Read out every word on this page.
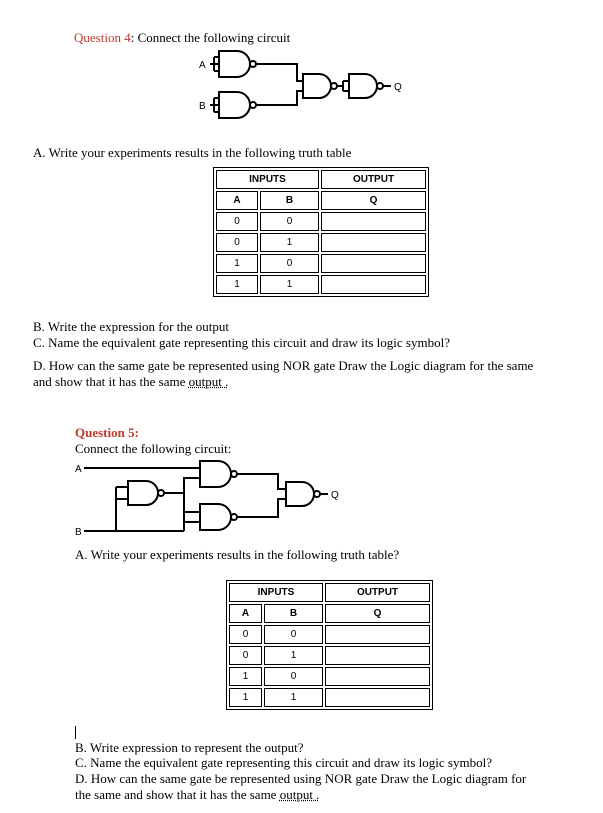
Question 4: Connect the following circuit
A
B
Q
A. Write your experiments results in the following truth table
INPUTS		OUTPUT
A	B	Q
0	0	
0	1	
1	0	
1	1	
B. Write the expression for the output
C. Name the equivalent gate representing this circuit and draw its logic symbol?
D. How can the same gate be represented using NOR gate Draw the Logic diagram for the same
and show that it has the same output .
Question 5:
Connect the following circuit:
A
B
Q
A. Write your experiments results in the following truth table?
INPUTS		OUTPUT
A	B	Q
0	0	
0	1	
1	0	
1	1	
B. Write expression to represent the output?
C. Name the equivalent gate representing this circuit and draw its logic symbol?
D. How can the same gate be represented using NOR gate Draw the Logic diagram for
the same and show that it has the same output .
